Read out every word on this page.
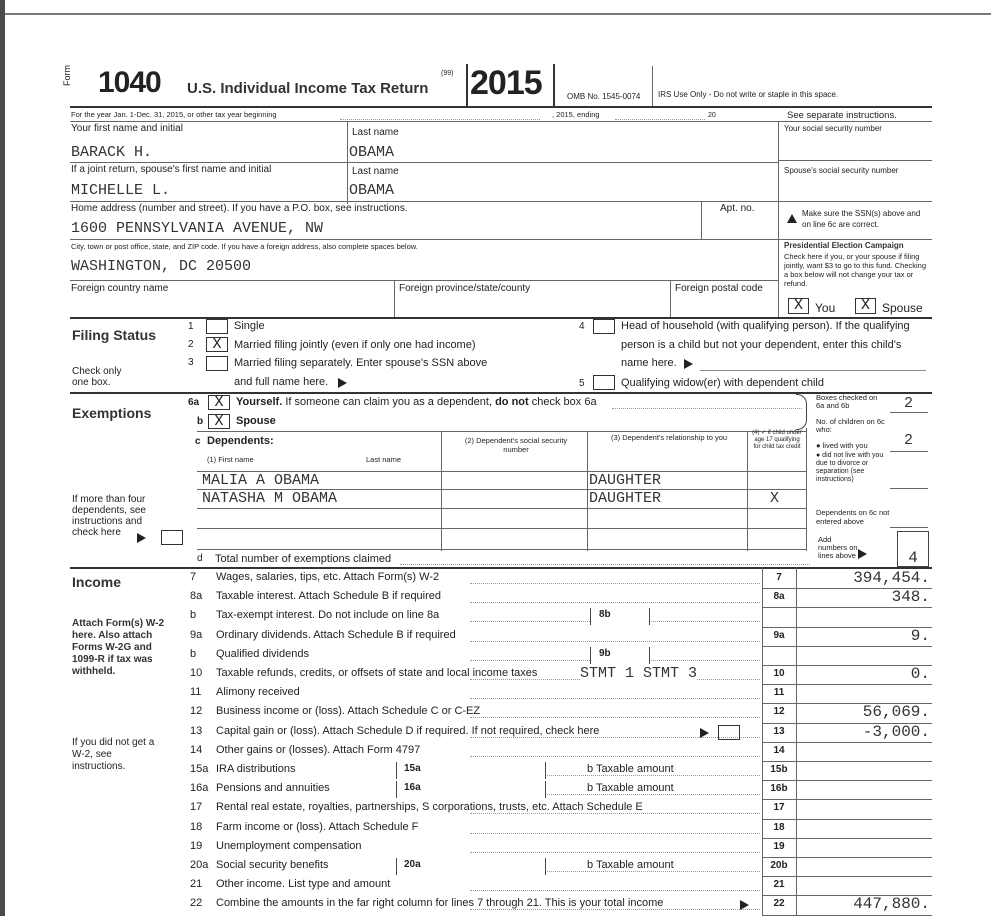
Form 1040 U.S. Individual Income Tax Return
(99) 2015	OMB No. 1545-0074 IRS Use Only - Do not write or staple in this space.
For the year Jan. 1-Dec. 31, 2015, or other tax year beginning	, 2015, ending	20	See separate instructions.
Your first name and initial
BARACK H.
Last name
OBAMA
Your social security number
If a joint return, spouse's first name and initial
MICHELLE L.
Last name
OBAMA
Spouse's social security number
Home address (number and street). If you have a P.O. box, see instructions.
1600 PENNSYLVANIA AVENUE, NW
Apt. no.	Make sure the SSN(s) above and on line 6c are correct.
City, town or post office, state, and ZIP code. If you have a foreign address, also complete spaces below.
WASHINGTON, DC 20500
Presidential Election Campaign
Check here if you, or your spouse if filing jointly, want $3 to go to this fund. Checking a box below will not change your tax or refund.
Foreign country name	Foreign province/state/county	Foreign postal code
X	You	X	Spouse
Filing Status
Check only one box.
1	Single
2	X	Married filing jointly (even if only one had income)
3	Married filing separately. Enter spouse's SSN above
and full name here.
4	Head of household (with qualifying person). If the qualifying
person is a child but not your dependent, enter this child's
name here.
5	Qualifying widow(er) with dependent child
Exemptions
6a	X	Yourself. If someone can claim you as a dependent, do not check box 6a
b X	Spouse
Boxes checked on 6a and 6b	2
No. of children on 6c who:
● lived with you 2
● did not live with you due to divorce or separation (see instructions)
Dependents on 6c not entered above
Add numbers on lines above	4
c Dependents:
(1) First name	Last name
(2) Dependent's social security number
(3) Dependent's relationship to you	(4) ✓ if child under age 17 qualifying for child tax credit
MALIA A OBAMA	DAUGHTER
NATASHA M OBAMA	DAUGHTER	X
If more than four dependents, see instructions and check here
d Total number of exemptions claimed
Income
Attach Form(s) W-2 here. Also attach Forms W-2G and 1099-R if tax was withheld.
If you did not get a W-2, see instructions.
7 Wages, salaries, tips, etc. Attach Form(s) W-2	7	394,454.
8a Taxable interest. Attach Schedule B if required	8a	348.
b Tax-exempt interest. Do not include on line 8a	8b
9a Ordinary dividends. Attach Schedule B if required	9a	9.
b Qualified dividends	9b
10 Taxable refunds, credits, or offsets of state and local income taxes	STMT 1 STMT 3	10	0.
11 Alimony received	11
12 Business income or (loss). Attach Schedule C or C-EZ	12	56,069.
13 Capital gain or (loss). Attach Schedule D if required. If not required, check here	13	-3,000.
14 Other gains or (losses). Attach Form 4797	14
15a IRA distributions	15a	b Taxable amount	15b
16a Pensions and annuities	16a	b Taxable amount	16b
17 Rental real estate, royalties, partnerships, S corporations, trusts, etc. Attach Schedule E	17
18 Farm income or (loss). Attach Schedule F	18
19 Unemployment compensation	19
20a Social security benefits	20a	b Taxable amount	20b
21 Other income. List type and amount	21
22 Combine the amounts in the far right column for lines 7 through 21. This is your total income	22	447,880.
